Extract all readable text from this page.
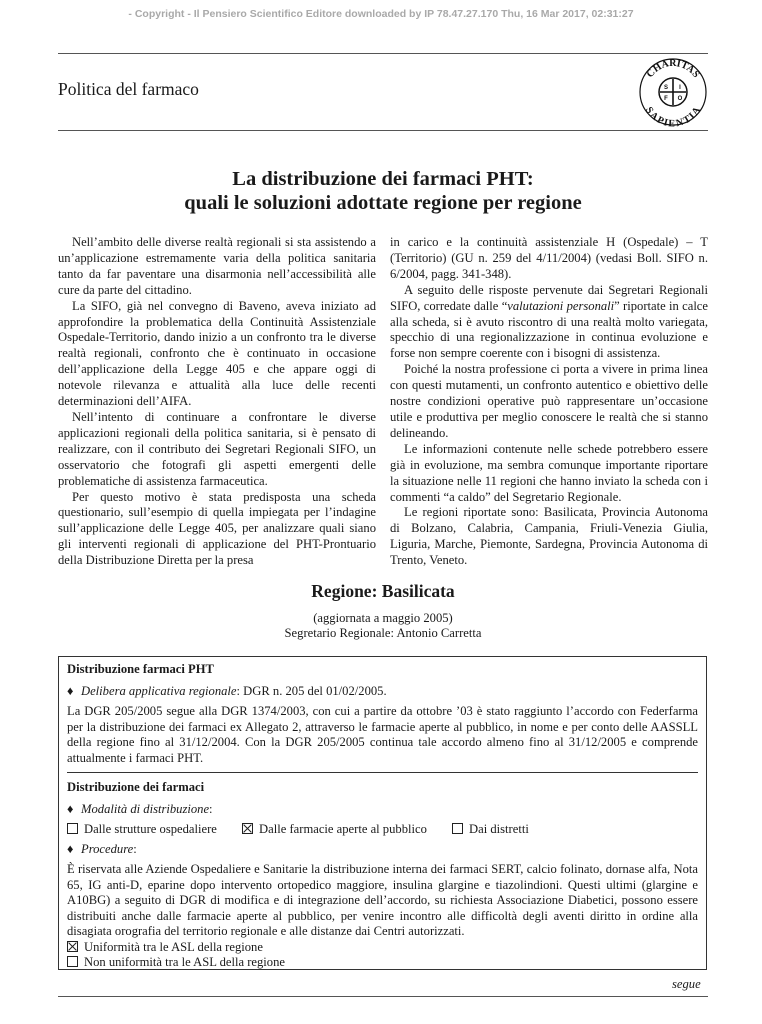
- Copyright - Il Pensiero Scientifico Editore downloaded by IP 78.47.27.170 Thu, 16 Mar 2017, 02:31:27
Politica del farmaco
CHARITAS
SAPIENTIA
S I
F O
La distribuzione dei farmaci PHT:
quali le soluzioni adottate regione per regione

Nell’ambito delle diverse realtà regionali si sta assistendo a un’applicazione estremamente varia della politica sanitaria tanto da far paventare una disarmonia nell’accessibilità alle cure da parte del cittadino.

La SIFO, già nel convegno di Baveno, aveva iniziato ad approfondire la problematica della Continuità Assistenziale Ospedale-Territorio, dando inizio a un confronto tra le diverse realtà regionali, confronto che è continuato in occasione dell’applicazione della Legge 405 e che appare oggi di notevole rilevanza e attualità alla luce delle recenti determinazioni dell’AIFA.

Nell’intento di continuare a confrontare le diverse applicazioni regionali della politica sanitaria, si è pensato di realizzare, con il contributo dei Segretari Regionali SIFO, un osservatorio che fotografi gli aspetti emergenti delle problematiche di assistenza farmaceutica.

Per questo motivo è stata predisposta una scheda questionario, sull’esempio di quella impiegata per l’indagine sull’applicazione delle Legge 405, per analizzare quali siano gli interventi regionali di applicazione del PHT-Prontuario della Distribuzione Diretta per la presa

in carico e la continuità assistenziale H (Ospedale) – T (Territorio) (GU n. 259 del 4/11/2004) (vedasi Boll. SIFO n. 6/2004, pagg. 341-348).

A seguito delle risposte pervenute dai Segretari Regionali SIFO, corredate dalle “valutazioni personali” riportate in calce alla scheda, si è avuto riscontro di una realtà molto variegata, specchio di una regionalizzazione in continua evoluzione e forse non sempre coerente con i bisogni di assistenza.

Poiché la nostra professione ci porta a vivere in prima linea con questi mutamenti, un confronto autentico e obiettivo delle nostre condizioni operative può rappresentare un’occasione utile e produttiva per meglio conoscere le realtà che si stanno delineando.

Le informazioni contenute nelle schede potrebbero essere già in evoluzione, ma sembra comunque importante riportare la situazione nelle 11 regioni che hanno inviato la scheda con i commenti “a caldo” del Segretario Regionale.

Le regioni riportate sono: Basilicata, Provincia Autonoma di Bolzano, Calabria, Campania, Friuli-Venezia Giulia, Liguria, Marche, Piemonte, Sardegna, Provincia Autonoma di Trento, Veneto.

Regione: Basilicata
(aggiornata a maggio 2005)
Segretario Regionale: Antonio Carretta
Distribuzione farmaci PHT
♦ Delibera applicativa regionale: DGR n. 205 del 01/02/2005.

La DGR 205/2005 segue alla DGR 1374/2003, con cui a partire da ottobre ’03 è stato raggiunto l’accordo con Federfarma per la distribuzione dei farmaci ex Allegato 2, attraverso le farmacie aperte al pubblico, in nome e per conto delle AASSLL della regione fino al 31/12/2004. Con la DGR 205/2005 continua tale accordo almeno fino al 31/12/2005 e comprende attualmente i farmaci PHT.

Distribuzione dei farmaci
♦ Modalità di distribuzione:
Dalle strutture ospedaliere	Dalle farmacie aperte al pubblico	Dai distretti
♦ Procedure:

È riservata alle Aziende Ospedaliere e Sanitarie la distribuzione interna dei farmaci SERT, calcio folinato, dornase alfa, Nota 65, IG anti-D, eparine dopo intervento ortopedico maggiore, insulina glargine e tiazolindioni. Questi ultimi (glargine e A10BG) a seguito di DGR di modifica e di integrazione dell’accordo, su richiesta Associazione Diabetici, possono essere distribuiti anche dalle farmacie aperte al pubblico, per venire incontro alle difficoltà degli aventi diritto in ordine alla disagiata orografia del territorio regionale e alle distanze dai Centri autorizzati.

Uniformità tra le ASL della regione
Non uniformità tra le ASL della regione
segue
